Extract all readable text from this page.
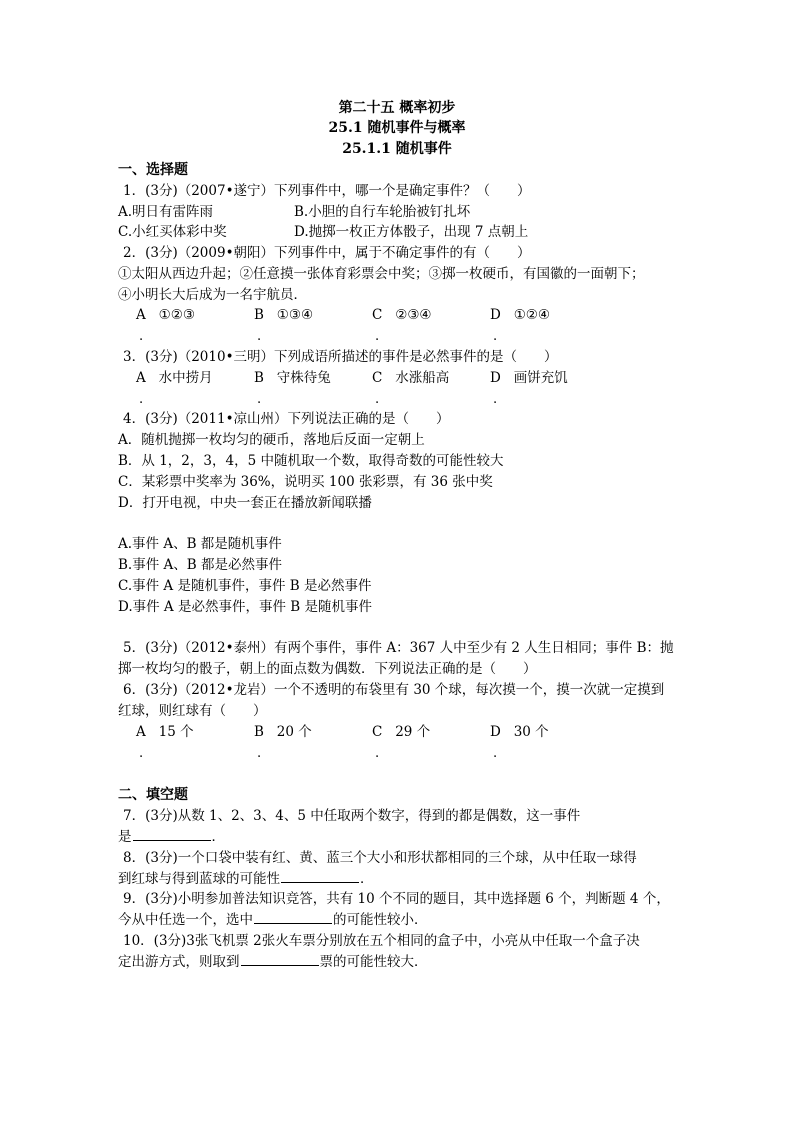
第二十五 概率初步
25.1 随机事件与概率
25.1.1 随机事件
一、选择题
1．(3分)（2007•遂宁）下列事件中，哪一个是确定事件？（　　）
A.明日有雷阵雨	B.小胆的自行车轮胎被钉扎坏
C.小红买体彩中奖	D.抛掷一枚正方体骰子，出现 7 点朝上
2．(3分)（2009•朝阳）下列事件中，属于不确定事件的有（　　）
①太阳从西边升起；②任意摸一张体育彩票会中奖；③掷一枚硬币，有国徽的一面朝下；
④小明长大后成为一名宇航员．
A ①②③	B ①③④	C ②③④	D ①②④
.	.	.	.
3．(3分)（2010•三明）下列成语所描述的事件是必然事件的是（　　）
A 水中捞月	B 守株待兔	C 水涨船高	D 画饼充饥
.	.	.	.
4．(3分)（2011•凉山州）下列说法正确的是（　　）
A．随机抛掷一枚均匀的硬币，落地后反面一定朝上
B．从 1，2，3，4，5 中随机取一个数，取得奇数的可能性较大
C．某彩票中奖率为 36%，说明买 100 张彩票，有 36 张中奖
D．打开电视，中央一套正在播放新闻联播
A.事件 A、B 都是随机事件
B.事件 A、B 都是必然事件
C.事件 A 是随机事件，事件 B 是必然事件
D.事件 A 是必然事件，事件 B 是随机事件
5．(3分)（2012•泰州）有两个事件，事件 A：367 人中至少有 2 人生日相同；事件 B：抛
掷一枚均匀的骰子，朝上的面点数为偶数．下列说法正确的是（　　）
6．(3分)（2012•龙岩）一个不透明的布袋里有 30 个球，每次摸一个，摸一次就一定摸到
红球，则红球有（　　）
A 15 个	B 20 个	C 29 个	D 30 个
.	.	.	.
二、填空题
7．(3分)从数 1、2、3、4、5 中任取两个数字，得到的都是偶数，这一事件
是	．
8．(3分)一个口袋中装有红、黄、蓝三个大小和形状都相同的三个球，从中任取一球得
到红球与得到蓝球的可能性	．
9．(3分)小明参加普法知识竞答，共有 10 个不同的题目，其中选择题 6 个，判断题 4 个，
今从中任选一个，选中	的可能性较小．
10．(3分)3张飞机票 2张火车票分别放在五个相同的盒子中，小亮从中任取一个盒子决
定出游方式，则取到	票的可能性较大．
